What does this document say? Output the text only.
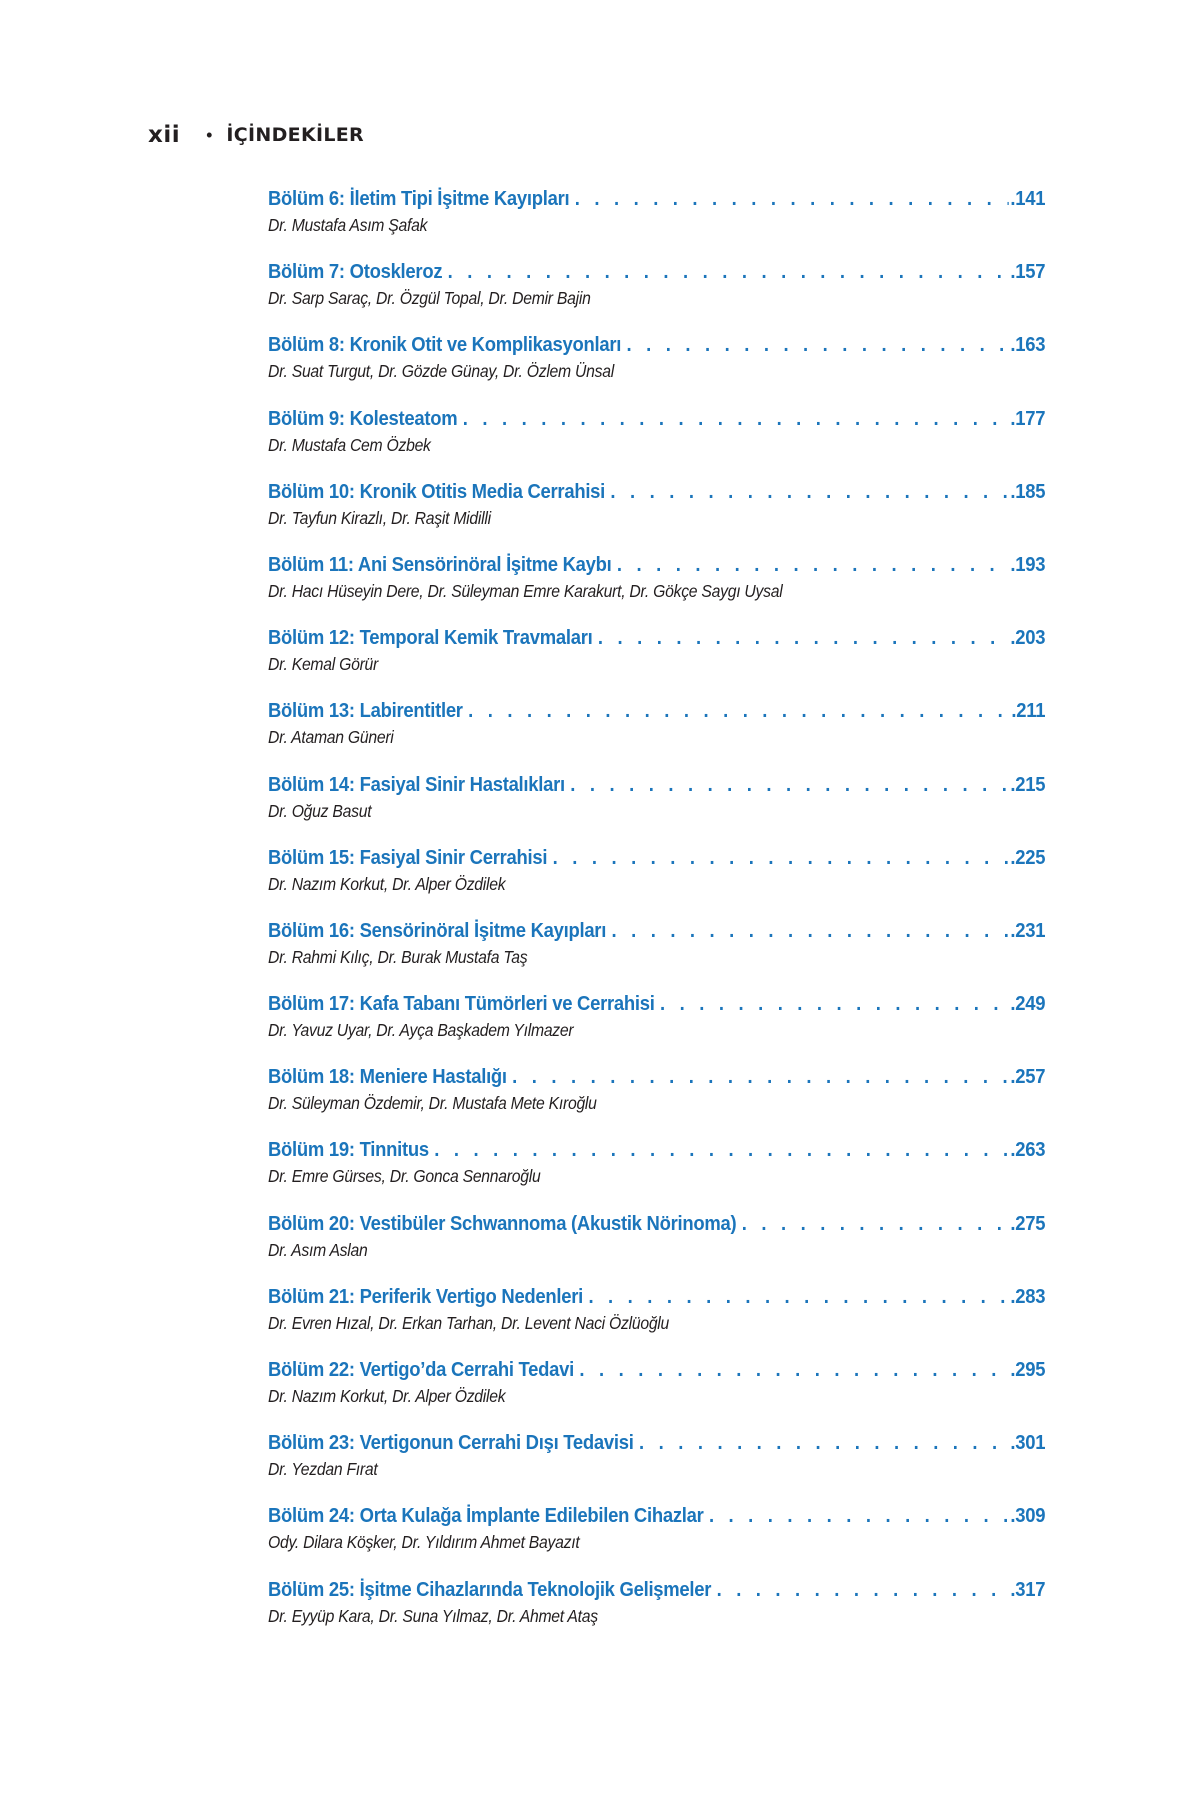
xii • İÇİNDEKİLER
Bölüm 6: İletim Tipi İşitme Kayıpları . . .	.141
Dr. Mustafa Asım Şafak
Bölüm 7: Otoskleroz . . .	.157
Dr. Sarp Saraç, Dr. Özgül Topal, Dr. Demir Bajin
Bölüm 8: Kronik Otit ve Komplikasyonları . . .	.163
Dr. Suat Turgut, Dr. Gözde Günay, Dr. Özlem Ünsal
Bölüm 9: Kolesteatom . . .	.177
Dr. Mustafa Cem Özbek
Bölüm 10: Kronik Otitis Media Cerrahisi . . .	.185
Dr. Tayfun Kirazlı, Dr. Raşit Midilli
Bölüm 11: Ani Sensörinöral İşitme Kaybı . . .	.193
Dr. Hacı Hüseyin Dere, Dr. Süleyman Emre Karakurt, Dr. Gökçe Saygı Uysal
Bölüm 12: Temporal Kemik Travmaları . . .	.203
Dr. Kemal Görür
Bölüm 13: Labirentitler . . .	.211
Dr. Ataman Güneri
Bölüm 14: Fasiyal Sinir Hastalıkları . . .	.215
Dr. Oğuz Basut
Bölüm 15: Fasiyal Sinir Cerrahisi . . .	.225
Dr. Nazım Korkut, Dr. Alper Özdilek
Bölüm 16: Sensörinöral İşitme Kayıpları . . .	.231
Dr. Rahmi Kılıç, Dr. Burak Mustafa Taş
Bölüm 17: Kafa Tabanı Tümörleri ve Cerrahisi . . .	.249
Dr. Yavuz Uyar, Dr. Ayça Başkadem Yılmazer
Bölüm 18: Meniere Hastalığı . . .	.257
Dr. Süleyman Özdemir, Dr. Mustafa Mete Kıroğlu
Bölüm 19: Tinnitus . . .	.263
Dr. Emre Gürses, Dr. Gonca Sennaroğlu
Bölüm 20: Vestibüler Schwannoma (Akustik Nörinoma) . . .	.275
Dr. Asım Aslan
Bölüm 21: Periferik Vertigo Nedenleri . . .	.283
Dr. Evren Hızal, Dr. Erkan Tarhan, Dr. Levent Naci Özlüoğlu
Bölüm 22: Vertigo’da Cerrahi Tedavi . . .	.295
Dr. Nazım Korkut, Dr. Alper Özdilek
Bölüm 23: Vertigonun Cerrahi Dışı Tedavisi . . .	.301
Dr. Yezdan Fırat
Bölüm 24: Orta Kulağa İmplante Edilebilen Cihazlar . . .	.309
Ody. Dilara Köşker, Dr. Yıldırım Ahmet Bayazıt
Bölüm 25: İşitme Cihazlarında Teknolojik Gelişmeler . . .	.317
Dr. Eyyüp Kara, Dr. Suna Yılmaz, Dr. Ahmet Ataş
